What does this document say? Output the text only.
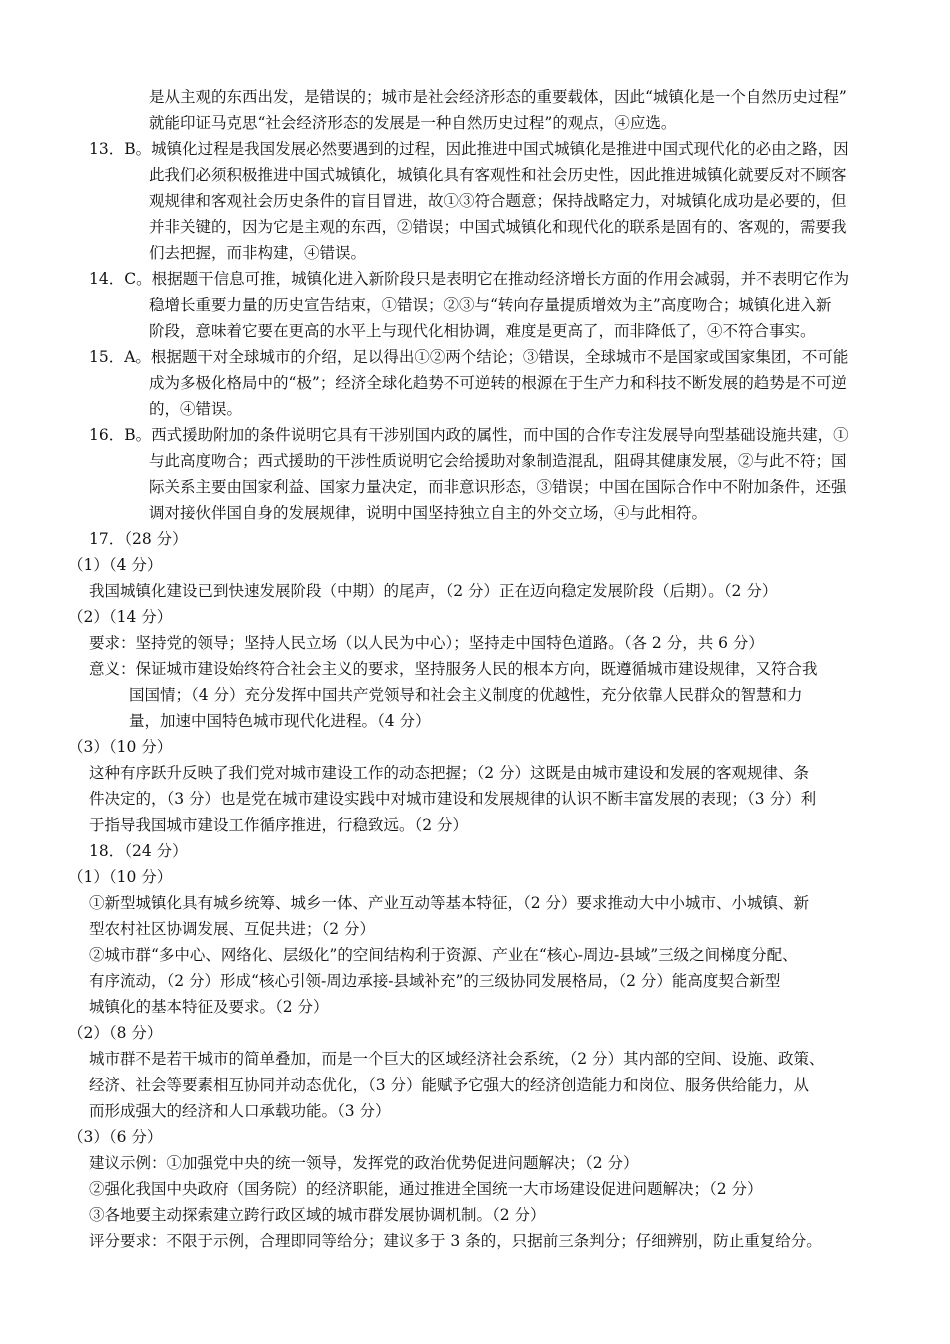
是从主观的东西出发，是错误的；城市是社会经济形态的重要载体，因此“城镇化是一个自然历史过程”
就能印证马克思“社会经济形态的发展是一种自然历史过程”的观点，④应选。
13．B。城镇化过程是我国发展必然要遇到的过程，因此推进中国式城镇化是推进中国式现代化的必由之路，因
此我们必须积极推进中国式城镇化，城镇化具有客观性和社会历史性，因此推进城镇化就要反对不顾客
观规律和客观社会历史条件的盲目冒进，故①③符合题意；保持战略定力，对城镇化成功是必要的，但
并非关键的，因为它是主观的东西，②错误；中国式城镇化和现代化的联系是固有的、客观的，需要我
们去把握，而非构建，④错误。
14．C。根据题干信息可推，城镇化进入新阶段只是表明它在推动经济增长方面的作用会减弱，并不表明它作为
稳增长重要力量的历史宣告结束，①错误；②③与“转向存量提质增效为主”高度吻合；城镇化进入新
阶段，意味着它要在更高的水平上与现代化相协调，难度是更高了，而非降低了，④不符合事实。
15．A。根据题干对全球城市的介绍，足以得出①②两个结论；③错误，全球城市不是国家或国家集团，不可能
成为多极化格局中的“极”；经济全球化趋势不可逆转的根源在于生产力和科技不断发展的趋势是不可逆
的，④错误。
16．B。西式援助附加的条件说明它具有干涉别国内政的属性，而中国的合作专注发展导向型基础设施共建，①
与此高度吻合；西式援助的干涉性质说明它会给援助对象制造混乱，阻碍其健康发展，②与此不符；国
际关系主要由国家利益、国家力量决定，而非意识形态，③错误；中国在国际合作中不附加条件，还强
调对接伙伴国自身的发展规律，说明中国坚持独立自主的外交立场，④与此相符。
17．（28 分）
（1）（4 分）
我国城镇化建设已到快速发展阶段（中期）的尾声，（2 分）正在迈向稳定发展阶段（后期）。（2 分）
（2）（14 分）
要求：坚持党的领导；坚持人民立场（以人民为中心）；坚持走中国特色道路。（各 2 分，共 6 分）
意义：保证城市建设始终符合社会主义的要求，坚持服务人民的根本方向，既遵循城市建设规律，又符合我
国国情；（4 分）充分发挥中国共产党领导和社会主义制度的优越性，充分依靠人民群众的智慧和力
量，加速中国特色城市现代化进程。（4 分）
（3）（10 分）
这种有序跃升反映了我们党对城市建设工作的动态把握；（2 分）这既是由城市建设和发展的客观规律、条
件决定的，（3 分）也是党在城市建设实践中对城市建设和发展规律的认识不断丰富发展的表现；（3 分）利
于指导我国城市建设工作循序推进，行稳致远。（2 分）
18．（24 分）
（1）（10 分）
①新型城镇化具有城乡统筹、城乡一体、产业互动等基本特征，（2 分）要求推动大中小城市、小城镇、新
型农村社区协调发展、互促共进；（2 分）
②城市群“多中心、网络化、层级化”的空间结构利于资源、产业在“核心-周边-县域”三级之间梯度分配、
有序流动，（2 分）形成“核心引领-周边承接-县域补充”的三级协同发展格局，（2 分）能高度契合新型
城镇化的基本特征及要求。（2 分）
（2）（8 分）
城市群不是若干城市的简单叠加，而是一个巨大的区域经济社会系统，（2 分）其内部的空间、设施、政策、
经济、社会等要素相互协同并动态优化，（3 分）能赋予它强大的经济创造能力和岗位、服务供给能力，从
而形成强大的经济和人口承载功能。（3 分）
（3）（6 分）
建议示例：①加强党中央的统一领导，发挥党的政治优势促进问题解决；（2 分）
②强化我国中央政府（国务院）的经济职能，通过推进全国统一大市场建设促进问题解决；（2 分）
③各地要主动探索建立跨行政区域的城市群发展协调机制。（2 分）
评分要求：不限于示例，合理即同等给分；建议多于 3 条的，只据前三条判分；仔细辨别，防止重复给分。
